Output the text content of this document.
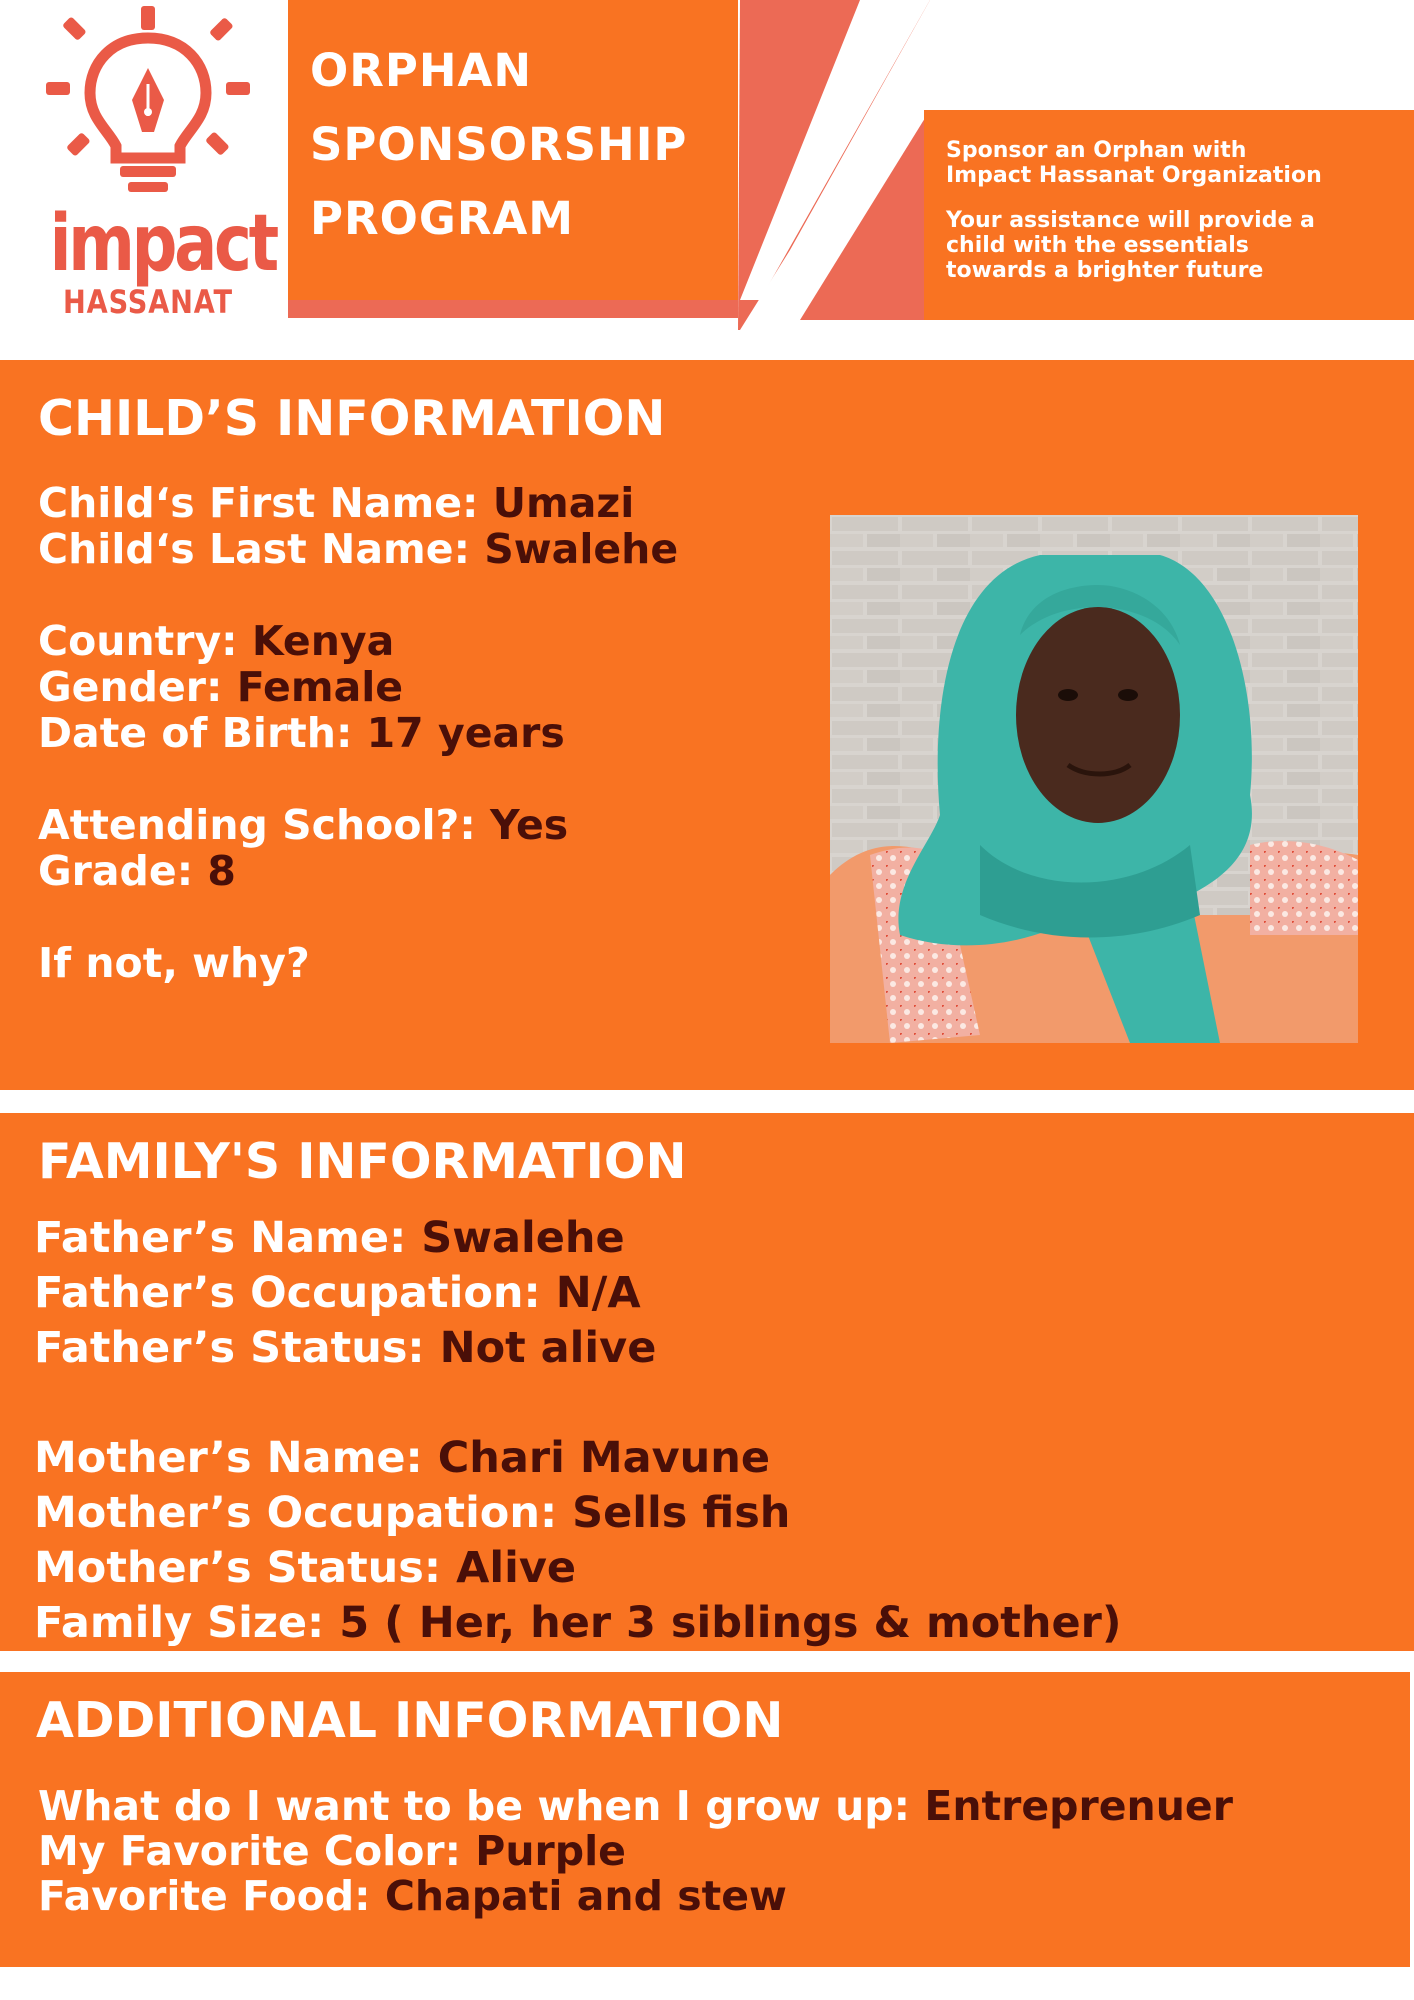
impact
HASSANAT
ORPHAN
SPONSORSHIP
PROGRAM
Sponsor an Orphan with
Impact Hassanat Organization
Your assistance will provide a
child with the essentials
towards a brighter future
CHILD’S INFORMATION
Child‘s First Name: Umazi
Child‘s Last Name: Swalehe
Country: Kenya
Gender: Female
Date of Birth: 17 years
Attending School?: Yes
Grade: 8
If not, why?
FAMILY'S INFORMATION
Father’s Name: Swalehe
Father’s Occupation: N/A
Father’s Status: Not alive
Mother’s Name: Chari Mavune
Mother’s Occupation: Sells fish
Mother’s Status: Alive
Family Size: 5 ( Her, her 3 siblings & mother)
ADDITIONAL INFORMATION
What do I want to be when I grow up: Entreprenuer
My Favorite Color: Purple
Favorite Food: Chapati and stew
